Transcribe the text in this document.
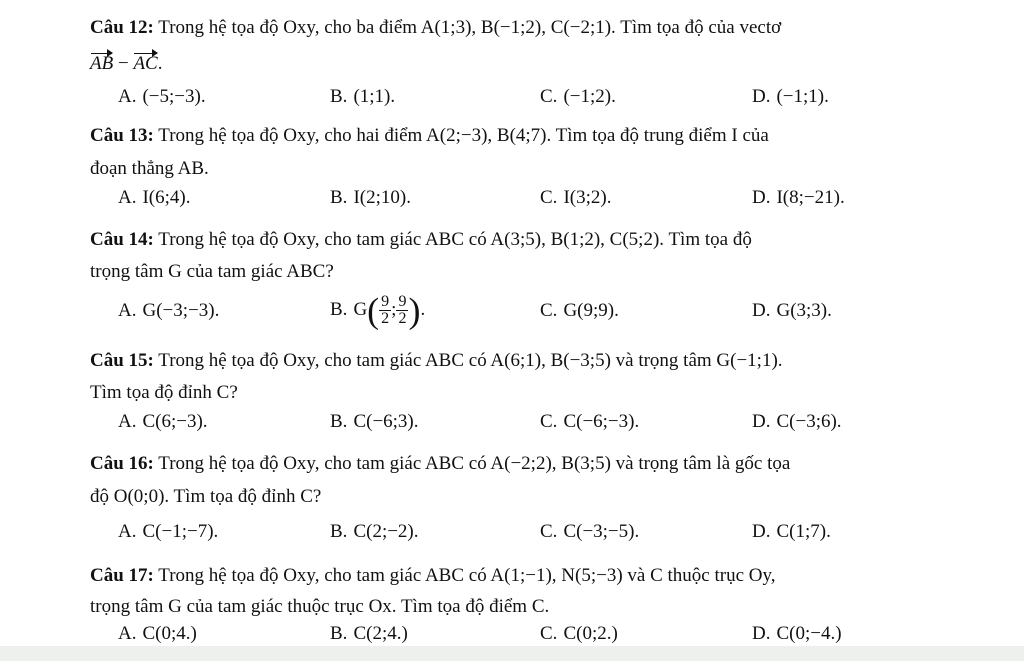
Câu 12: Trong hệ tọa độ Oxy, cho ba điểm A(1;3), B(−1;2), C(−2;1). Tìm tọa độ của vectơ
AB − AC.
A. (−5;−3).	B. (1;1).	C. (−1;2).	D. (−1;1).
Câu 13: Trong hệ tọa độ Oxy, cho hai điểm A(2;−3), B(4;7). Tìm tọa độ trung điểm I của
đoạn thẳng AB.
A. I(6;4).	B. I(2;10).	C. I(3;2).	D. I(8;−21).
Câu 14: Trong hệ tọa độ Oxy, cho tam giác ABC có A(3;5), B(1;2), C(5;2). Tìm tọa độ
trọng tâm G của tam giác ABC?
A. G(−3;−3).	B. $G( \frac{9}{2}$ ; $\frac{9}{2}$ ).	C. G(9;9).	D. G(3;3).
Câu 15: Trong hệ tọa độ Oxy, cho tam giác ABC có A(6;1), B(−3;5) và trọng tâm G(−1;1).
Tìm tọa độ đỉnh C?
A. C(6;−3).	B. C(−6;3).	C. C(−6;−3).	D. C(−3;6).
Câu 16: Trong hệ tọa độ Oxy, cho tam giác ABC có A(−2;2), B(3;5) và trọng tâm là gốc tọa
độ O(0;0). Tìm tọa độ đỉnh C?
A. C(−1;−7).	B. C(2;−2).	C. C(−3;−5).	D. C(1;7).
Câu 17: Trong hệ tọa độ Oxy, cho tam giác ABC có A(1;−1), N(5;−3) và C thuộc trục Oy,
trọng tâm G của tam giác thuộc trục Ox. Tìm tọa độ điểm C.
A. C(0;4.)	B. C(2;4.)	C. C(0;2.)	D. C(0;−4.)
